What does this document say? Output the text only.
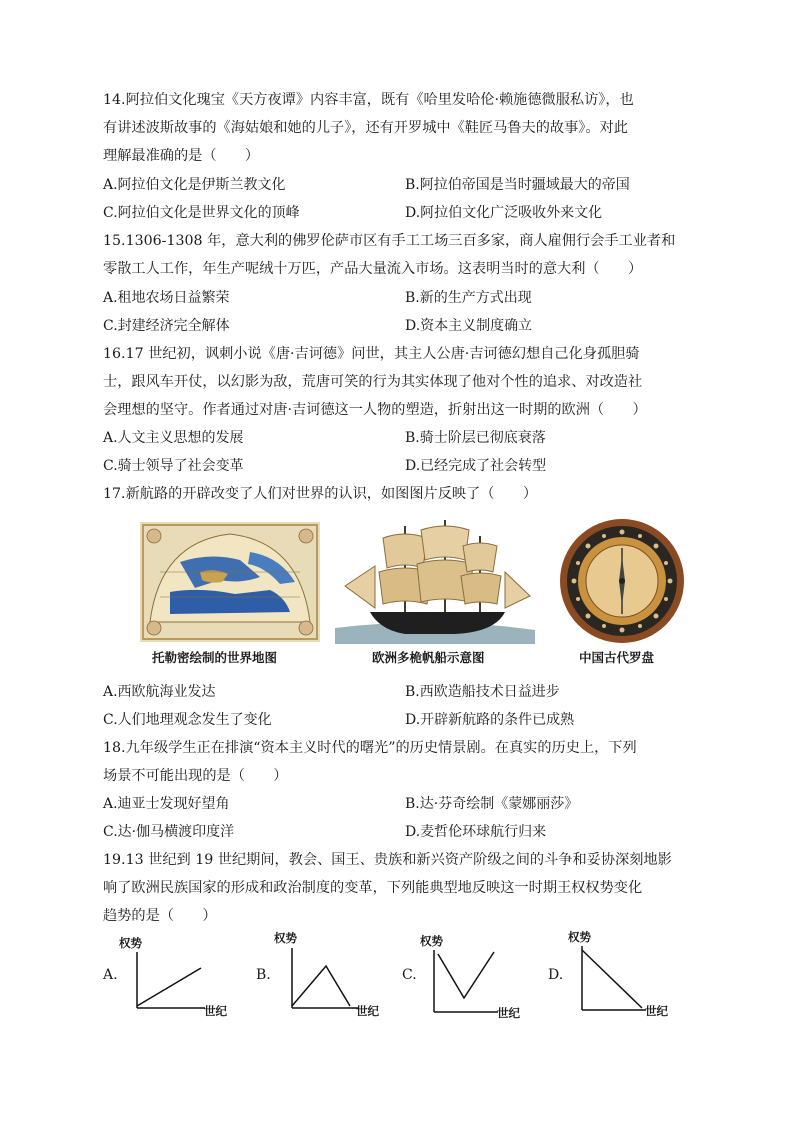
14.阿拉伯文化瑰宝《天方夜谭》内容丰富，既有《哈里发哈伦·赖施德微服私访》，也
有讲述波斯故事的《海姑娘和她的儿子》，还有开罗城中《鞋匠马鲁夫的故事》。对此
理解最准确的是（　　）
A.阿拉伯文化是伊斯兰教文化	B.阿拉伯帝国是当时疆域最大的帝国
C.阿拉伯文化是世界文化的顶峰	D.阿拉伯文化广泛吸收外来文化
15.1306-1308 年，意大利的佛罗伦萨市区有手工工场三百多家，商人雇佣行会手工业者和
零散工人工作，年生产呢绒十万匹，产品大量流入市场。这表明当时的意大利（　　）
A.租地农场日益繁荣	B.新的生产方式出现
C.封建经济完全解体	D.资本主义制度确立
16.17 世纪初，讽刺小说《唐·吉诃德》问世，其主人公唐·吉诃德幻想自己化身孤胆骑
士，跟风车开仗，以幻影为敌，荒唐可笑的行为其实体现了他对个性的追求、对改造社
会理想的坚守。作者通过对唐·吉诃德这一人物的塑造，折射出这一时期的欧洲（　　）
A.人文主义思想的发展	B.骑士阶层已彻底衰落
C.骑士领导了社会变革	D.已经完成了社会转型
17.新航路的开辟改变了人们对世界的认识，如图图片反映了（　　）
托勒密绘制的世界地图	欧洲多桅帆船示意图	中国古代罗盘
A.西欧航海业发达	B.西欧造船技术日益进步
C.人们地理观念发生了变化	D.开辟新航路的条件已成熟
18.九年级学生正在排演“资本主义时代的曙光”的历史情景剧。在真实的历史上，下列
场景不可能出现的是（　　）
A.迪亚士发现好望角	B.达·芬奇绘制《蒙娜丽莎》
C.达·伽马横渡印度洋	D.麦哲伦环球航行归来
19.13 世纪到 19 世纪期间，教会、国王、贵族和新兴资产阶级之间的斗争和妥协深刻地影
响了欧洲民族国家的形成和政治制度的变革，下列能典型地反映这一时期王权权势变化
趋势的是（　　）
A.
权势
世纪
B.
权势
世纪
C.
权势
世纪
D.
权势
世纪
